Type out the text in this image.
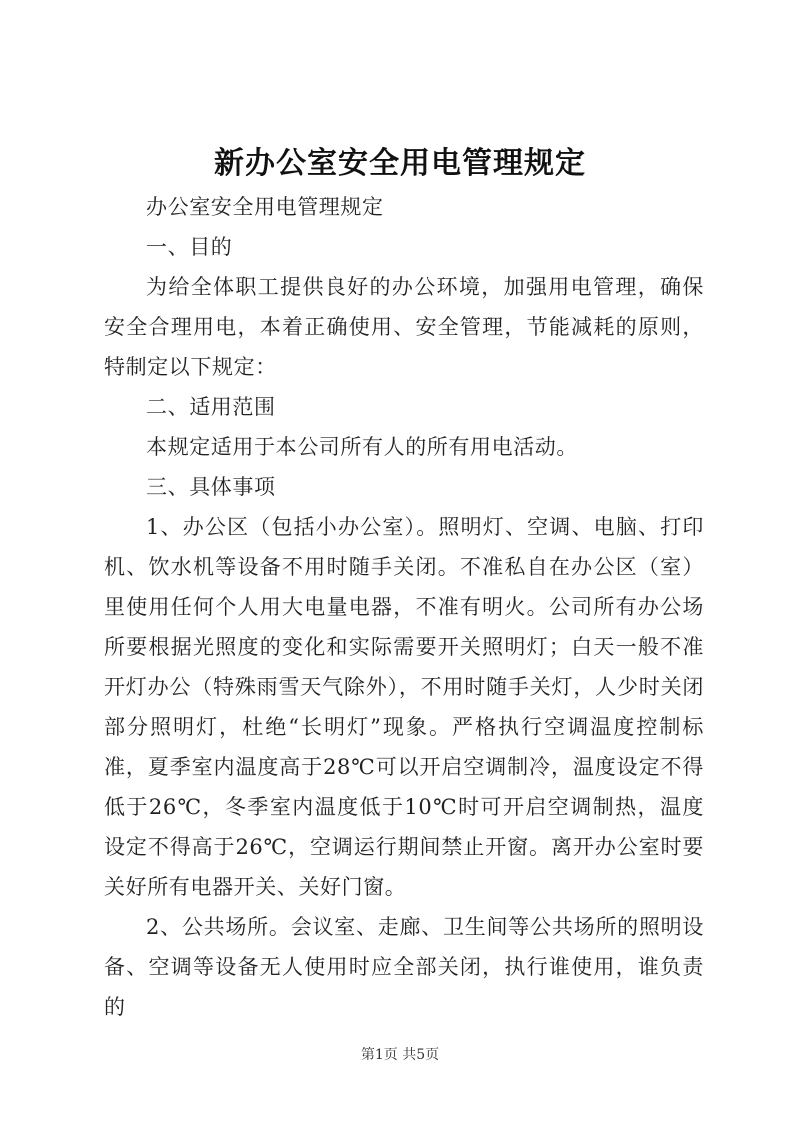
新办公室安全用电管理规定

办公室安全用电管理规定

一、目的

为给全体职工提供良好的办公环境，加强用电管理，确保安全合理用电，本着正确使用、安全管理，节能减耗的原则，特制定以下规定：

二、适用范围

本规定适用于本公司所有人的所有用电活动。

三、具体事项

1、办公区（包括小办公室）。照明灯、空调、电脑、打印机、饮水机等设备不用时随手关闭。不准私自在办公区（室）里使用任何个人用大电量电器，不准有明火。公司所有办公场所要根据光照度的变化和实际需要开关照明灯；白天一般不准开灯办公（特殊雨雪天气除外），不用时随手关灯，人少时关闭部分照明灯，杜绝“长明灯”现象。严格执行空调温度控制标准，夏季室内温度高于28℃可以开启空调制冷，温度设定不得低于26℃，冬季室内温度低于10℃时可开启空调制热，温度设定不得高于26℃，空调运行期间禁止开窗。离开办公室时要关好所有电器开关、关好门窗。

2、公共场所。会议室、走廊、卫生间等公共场所的照明设备、空调等设备无人使用时应全部关闭，执行谁使用，谁负责的

第1页 共5页
